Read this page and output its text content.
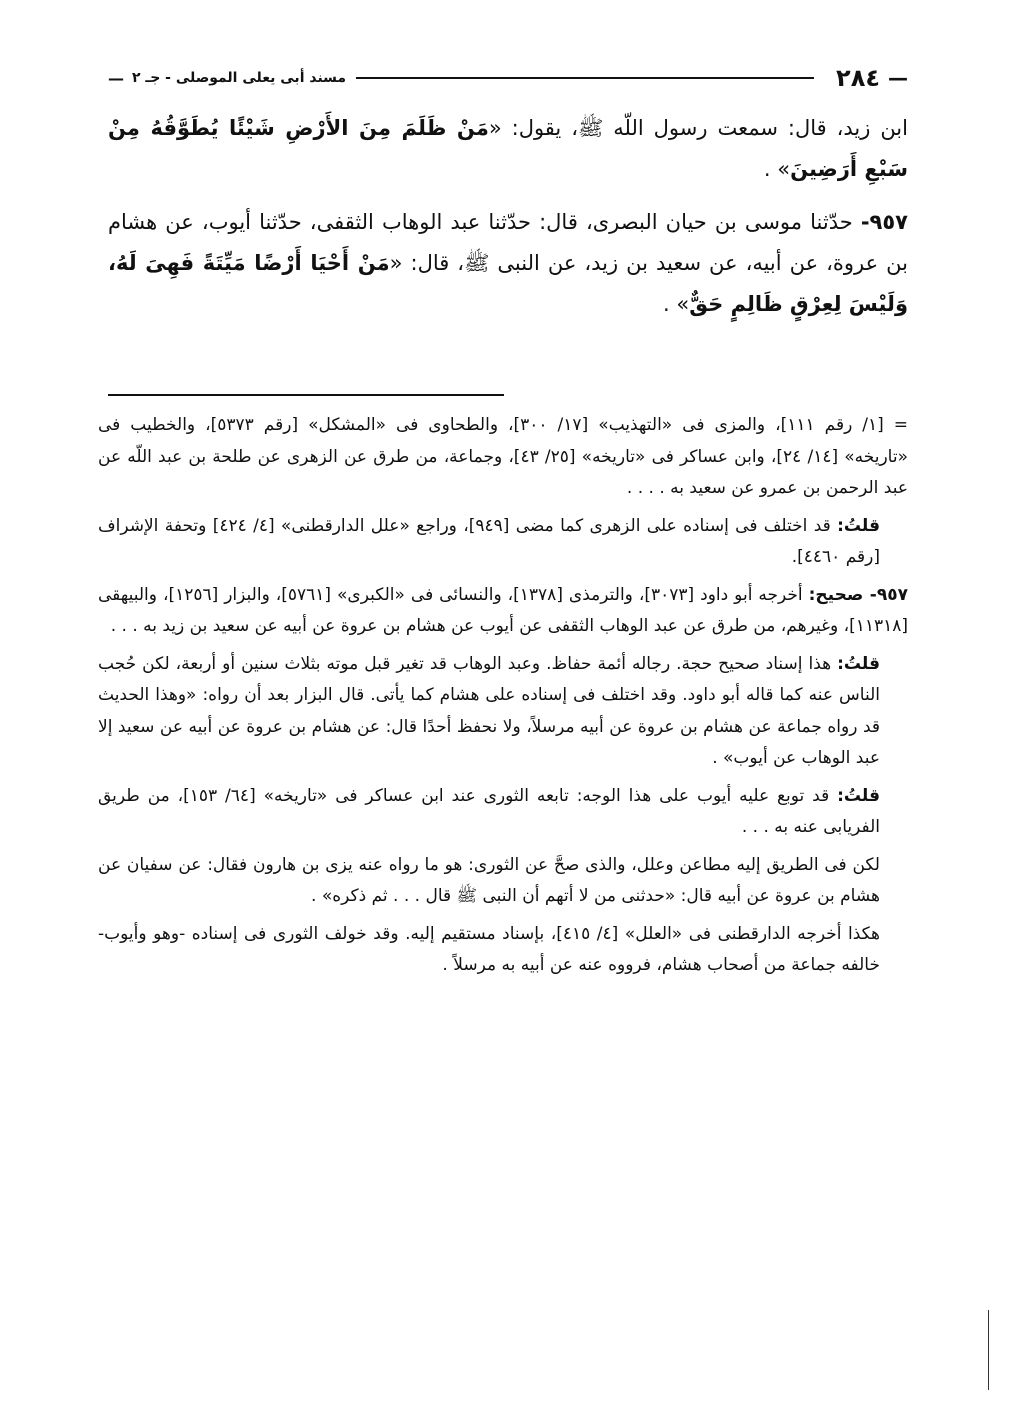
—
٢٨٤
مسند أبى يعلى الموصلى - جـ ٢
—

ابن زيد، قال: سمعت رسول اللّه ﷺ، يقول: «مَنْ ظَلَمَ مِنَ الأَرْضِ شَيْئًا يُطَوَّقُهُ مِنْ سَبْعِ أَرَضِينَ» .

٩٥٧- حدّثنا موسى بن حيان البصرى، قال: حدّثنا عبد الوهاب الثقفى، حدّثنا أيوب، عن هشام بن عروة، عن أبيه، عن سعيد بن زيد، عن النبى ﷺ، قال: «مَنْ أَحْيَا أَرْضًا مَيِّتَةً فَهِىَ لَهُ، وَلَيْسَ لِعِرْقٍ ظَالِمٍ حَقٌّ» .

= [١/ رقم ١١١]، والمزى فى «التهذيب» [١٧/ ٣٠٠]، والطحاوى فى «المشكل» [رقم ٥٣٧٣]، والخطيب فى «تاريخه» [١٤/ ٢٤]، وابن عساكر فى «تاريخه» [٢٥/ ٤٣]، وجماعة، من طرق عن الزهرى عن طلحة بن عبد اللّه عن عبد الرحمن بن عمرو عن سعيد به . . . .

قلتُ: قد اختلف فى إسناده على الزهرى كما مضى [٩٤٩]، وراجع «علل الدارقطنى» [٤/ ٤٢٤] وتحفة الإشراف [رقم ٤٤٦٠].

٩٥٧- صحيح: أخرجه أبو داود [٣٠٧٣]، والترمذى [١٣٧٨]، والنسائى فى «الكبرى» [٥٧٦١]، والبزار [١٢٥٦]، والبيهقى [١١٣١٨]، وغيرهم، من طرق عن عبد الوهاب الثقفى عن أيوب عن هشام بن عروة عن أبيه عن سعيد بن زيد به . . .

قلتُ: هذا إسناد صحيح حجة. رجاله أئمة حفاظ. وعبد الوهاب قد تغير قبل موته بثلاث سنين أو أربعة، لكن حُجب الناس عنه كما قاله أبو داود. وقد اختلف فى إسناده على هشام كما يأتى. قال البزار بعد أن رواه: «وهذا الحديث قد رواه جماعة عن هشام بن عروة عن أبيه مرسلاً، ولا نحفظ أحدًا قال: عن هشام بن عروة عن أبيه عن سعيد إلا عبد الوهاب عن أيوب» .

قلتُ: قد توبع عليه أيوب على هذا الوجه: تابعه الثورى عند ابن عساكر فى «تاريخه» [٦٤/ ١٥٣]، من طريق الفريابى عنه به . . .

لكن فى الطريق إليه مطاعن وعلل، والذى صحَّ عن الثورى: هو ما رواه عنه يزى بن هارون فقال: عن سفيان عن هشام بن عروة عن أبيه قال: «حدثنى من لا أتهم أن النبى ﷺ قال . . . ثم ذكره» .

هكذا أخرجه الدارقطنى فى «العلل» [٤/ ٤١٥]، بإسناد مستقيم إليه. وقد خولف الثورى فى إسناده -وهو وأيوب- خالفه جماعة من أصحاب هشام، فرووه عنه عن أبيه به مرسلاً .
